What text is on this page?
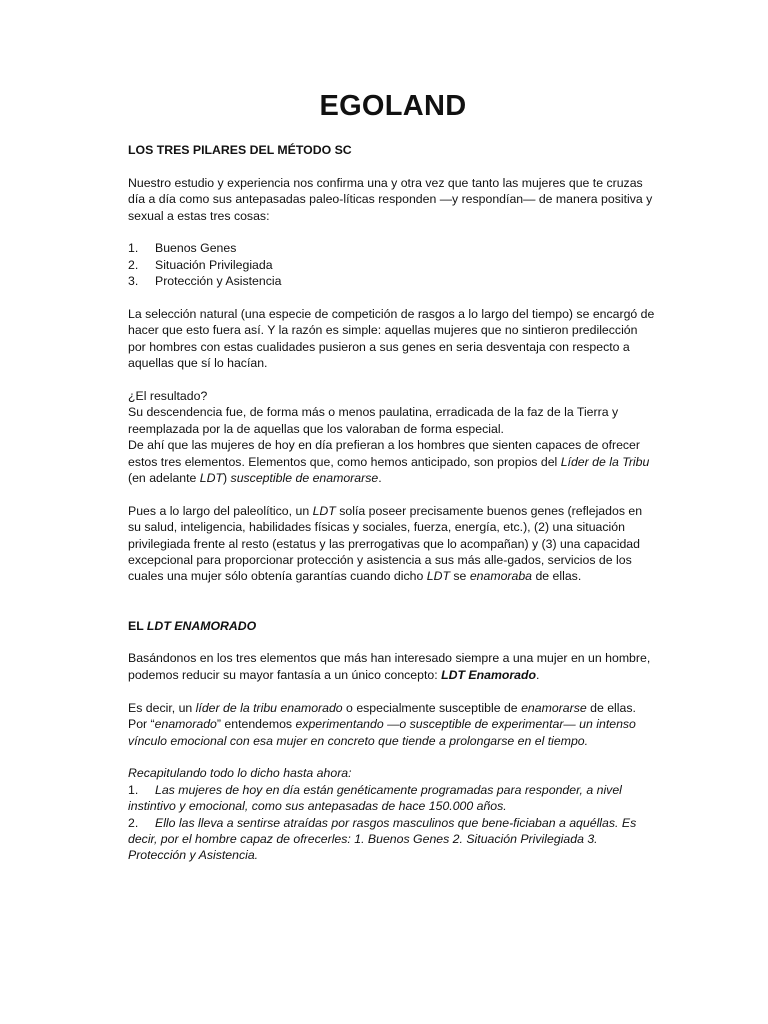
EGOLAND

LOS TRES PILARES DEL MÉTODO SC

Nuestro estudio y experiencia nos confirma una y otra vez que tanto las mujeres que te cruzas día a día como sus antepasadas paleo-líticas responden —y respondían— de manera positiva y sexual a estas tres cosas:

1.	Buenos Genes
2.	Situación Privilegiada
3.	Protección y Asistencia

La selección natural (una especie de competición de rasgos a lo largo del tiempo) se encargó de hacer que esto fuera así. Y la razón es simple: aquellas mujeres que no sintieron predilección por hombres con estas cualidades pusieron a sus genes en seria desventaja con respecto a aquellas que sí lo hacían.

¿El resultado?

Su descendencia fue, de forma más o menos paulatina, erradicada de la faz de la Tierra y reemplazada por la de aquellas que los valoraban de forma especial.

De ahí que las mujeres de hoy en día prefieran a los hombres que sienten capaces de ofrecer estos tres elementos. Elementos que, como hemos anticipado, son propios del Líder de la Tribu (en adelante LDT) susceptible de enamorarse.

Pues a lo largo del paleolítico, un LDT solía poseer precisamente buenos genes (reflejados en su salud, inteligencia, habilidades físicas y sociales, fuerza, energía, etc.), (2) una situación privilegiada frente al resto (estatus y las prerrogativas que lo acompañan) y (3) una capacidad excepcional para proporcionar protección y asistencia a sus más alle-gados, servicios de los cuales una mujer sólo obtenía garantías cuando dicho LDT se enamoraba de ellas.

EL LDT ENAMORADO

Basándonos en los tres elementos que más han interesado siempre a una mujer en un hombre, podemos reducir su mayor fantasía a un único concepto: LDT Enamorado.

Es decir, un líder de la tribu enamorado o especialmente susceptible de enamorarse de ellas. Por “enamorado” entendemos experimentando —o susceptible de experimentar— un intenso vínculo emocional con esa mujer en concreto que tiende a prolongarse en el tiempo.

Recapitulando todo lo dicho hasta ahora:

1. Las mujeres de hoy en día están genéticamente programadas para responder, a nivel instintivo y emocional, como sus antepasadas de hace 150.000 años.

2. Ello las lleva a sentirse atraídas por rasgos masculinos que bene-ficiaban a aquéllas. Es decir, por el hombre capaz de ofrecerles: 1. Buenos Genes 2. Situación Privilegiada 3. Protección y Asistencia.
